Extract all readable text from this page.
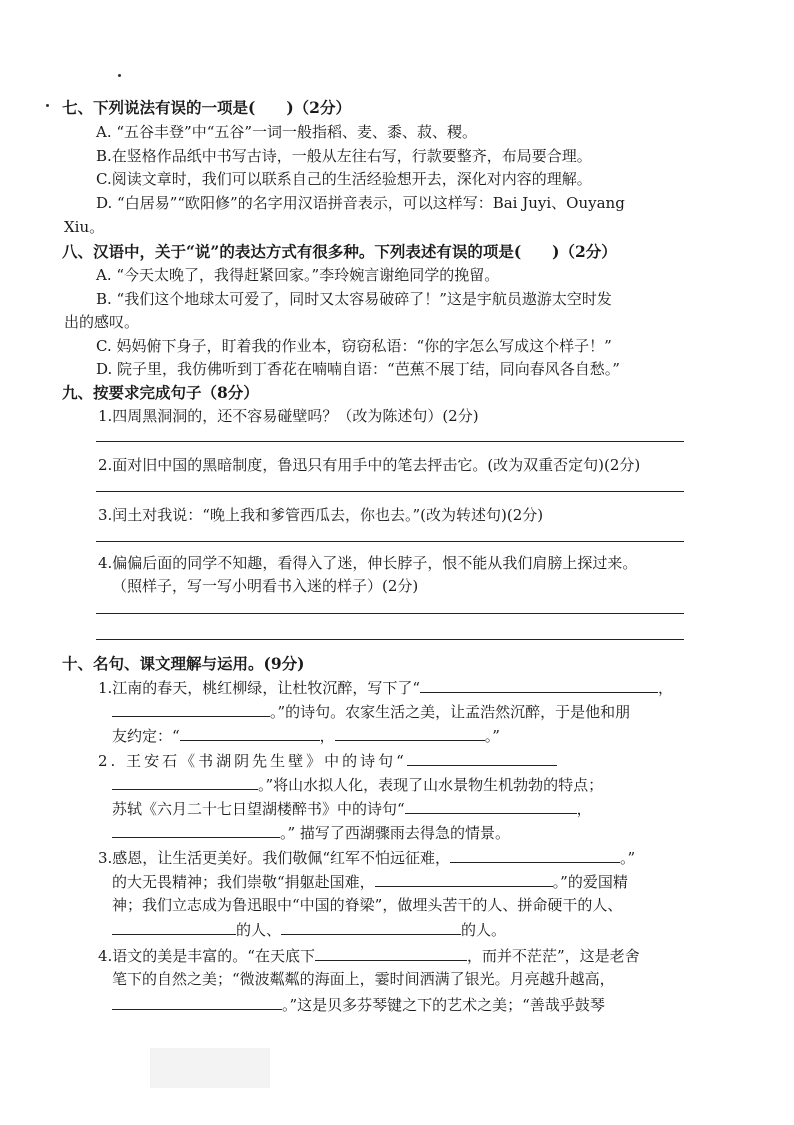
七、下列说法有误的一项是(　　)（2分）
A. “五谷丰登”中“五谷”一词一般指稻、麦、黍、菽、稷。
B.在竖格作品纸中书写古诗，一般从左往右写，行款要整齐，布局要合理。
C.阅读文章时，我们可以联系自己的生活经验想开去，深化对内容的理解。
D. “白居易”“欧阳修”的名字用汉语拼音表示，可以这样写：Bai Juyi、Ouyang
Xiu。
八、汉语中，关于“说”的表达方式有很多种。下列表述有误的项是(　　)（2分）
A. “今天太晚了，我得赶紧回家。”李玲婉言谢绝同学的挽留。
B. “我们这个地球太可爱了，同时又太容易破碎了！”这是宇航员遨游太空时发
出的感叹。
C. 妈妈俯下身子，盯着我的作业本，窃窃私语：“你的字怎么写成这个样子！”
D. 院子里，我仿佛听到丁香花在喃喃自语：“芭蕉不展丁结，同向春风各自愁。”
九、按要求完成句子（8分）
1.四周黑洞洞的，还不容易碰壁吗？（改为陈述句）(2分)
2.面对旧中国的黑暗制度，鲁迅只有用手中的笔去抨击它。(改为双重否定句)(2分)
3.闰土对我说：“晚上我和爹管西瓜去，你也去。”(改为转述句)(2分)
4.偏偏后面的同学不知趣，看得入了迷，伸长脖子，恨不能从我们肩膀上探过来。
（照样子，写一写小明看书入迷的样子）(2分)
十、名句、课文理解与运用。(9分)
1.江南的春天，桃红柳绿，让杜牧沉醉，写下了“	，
。”的诗句。农家生活之美，让孟浩然沉醉，于是他和朋
友约定：“	，	。”
2. 王安石《书湖阴先生壁》中的诗句“
。”将山水拟人化，表现了山水景物生机勃勃的特点；
苏轼《六月二十七日望湖楼醉书》中的诗句“	，
。” 描写了西湖骤雨去得急的情景。
3.感恩，让生活更美好。我们敬佩“红军不怕远征难，	。”
的大无畏精神；我们崇敬“捐躯赴国难，	。”的爱国精
神；我们立志成为鲁迅眼中“中国的脊梁”，做埋头苦干的人、拼命硬干的人、
的人、	的人。
4.语文的美是丰富的。“在天底下	，而并不茫茫”，这是老舍
笔下的自然之美；“微波粼粼的海面上，霎时间洒满了银光。月亮越升越高，
。”这是贝多芬琴键之下的艺术之美；“善哉乎鼓琴
